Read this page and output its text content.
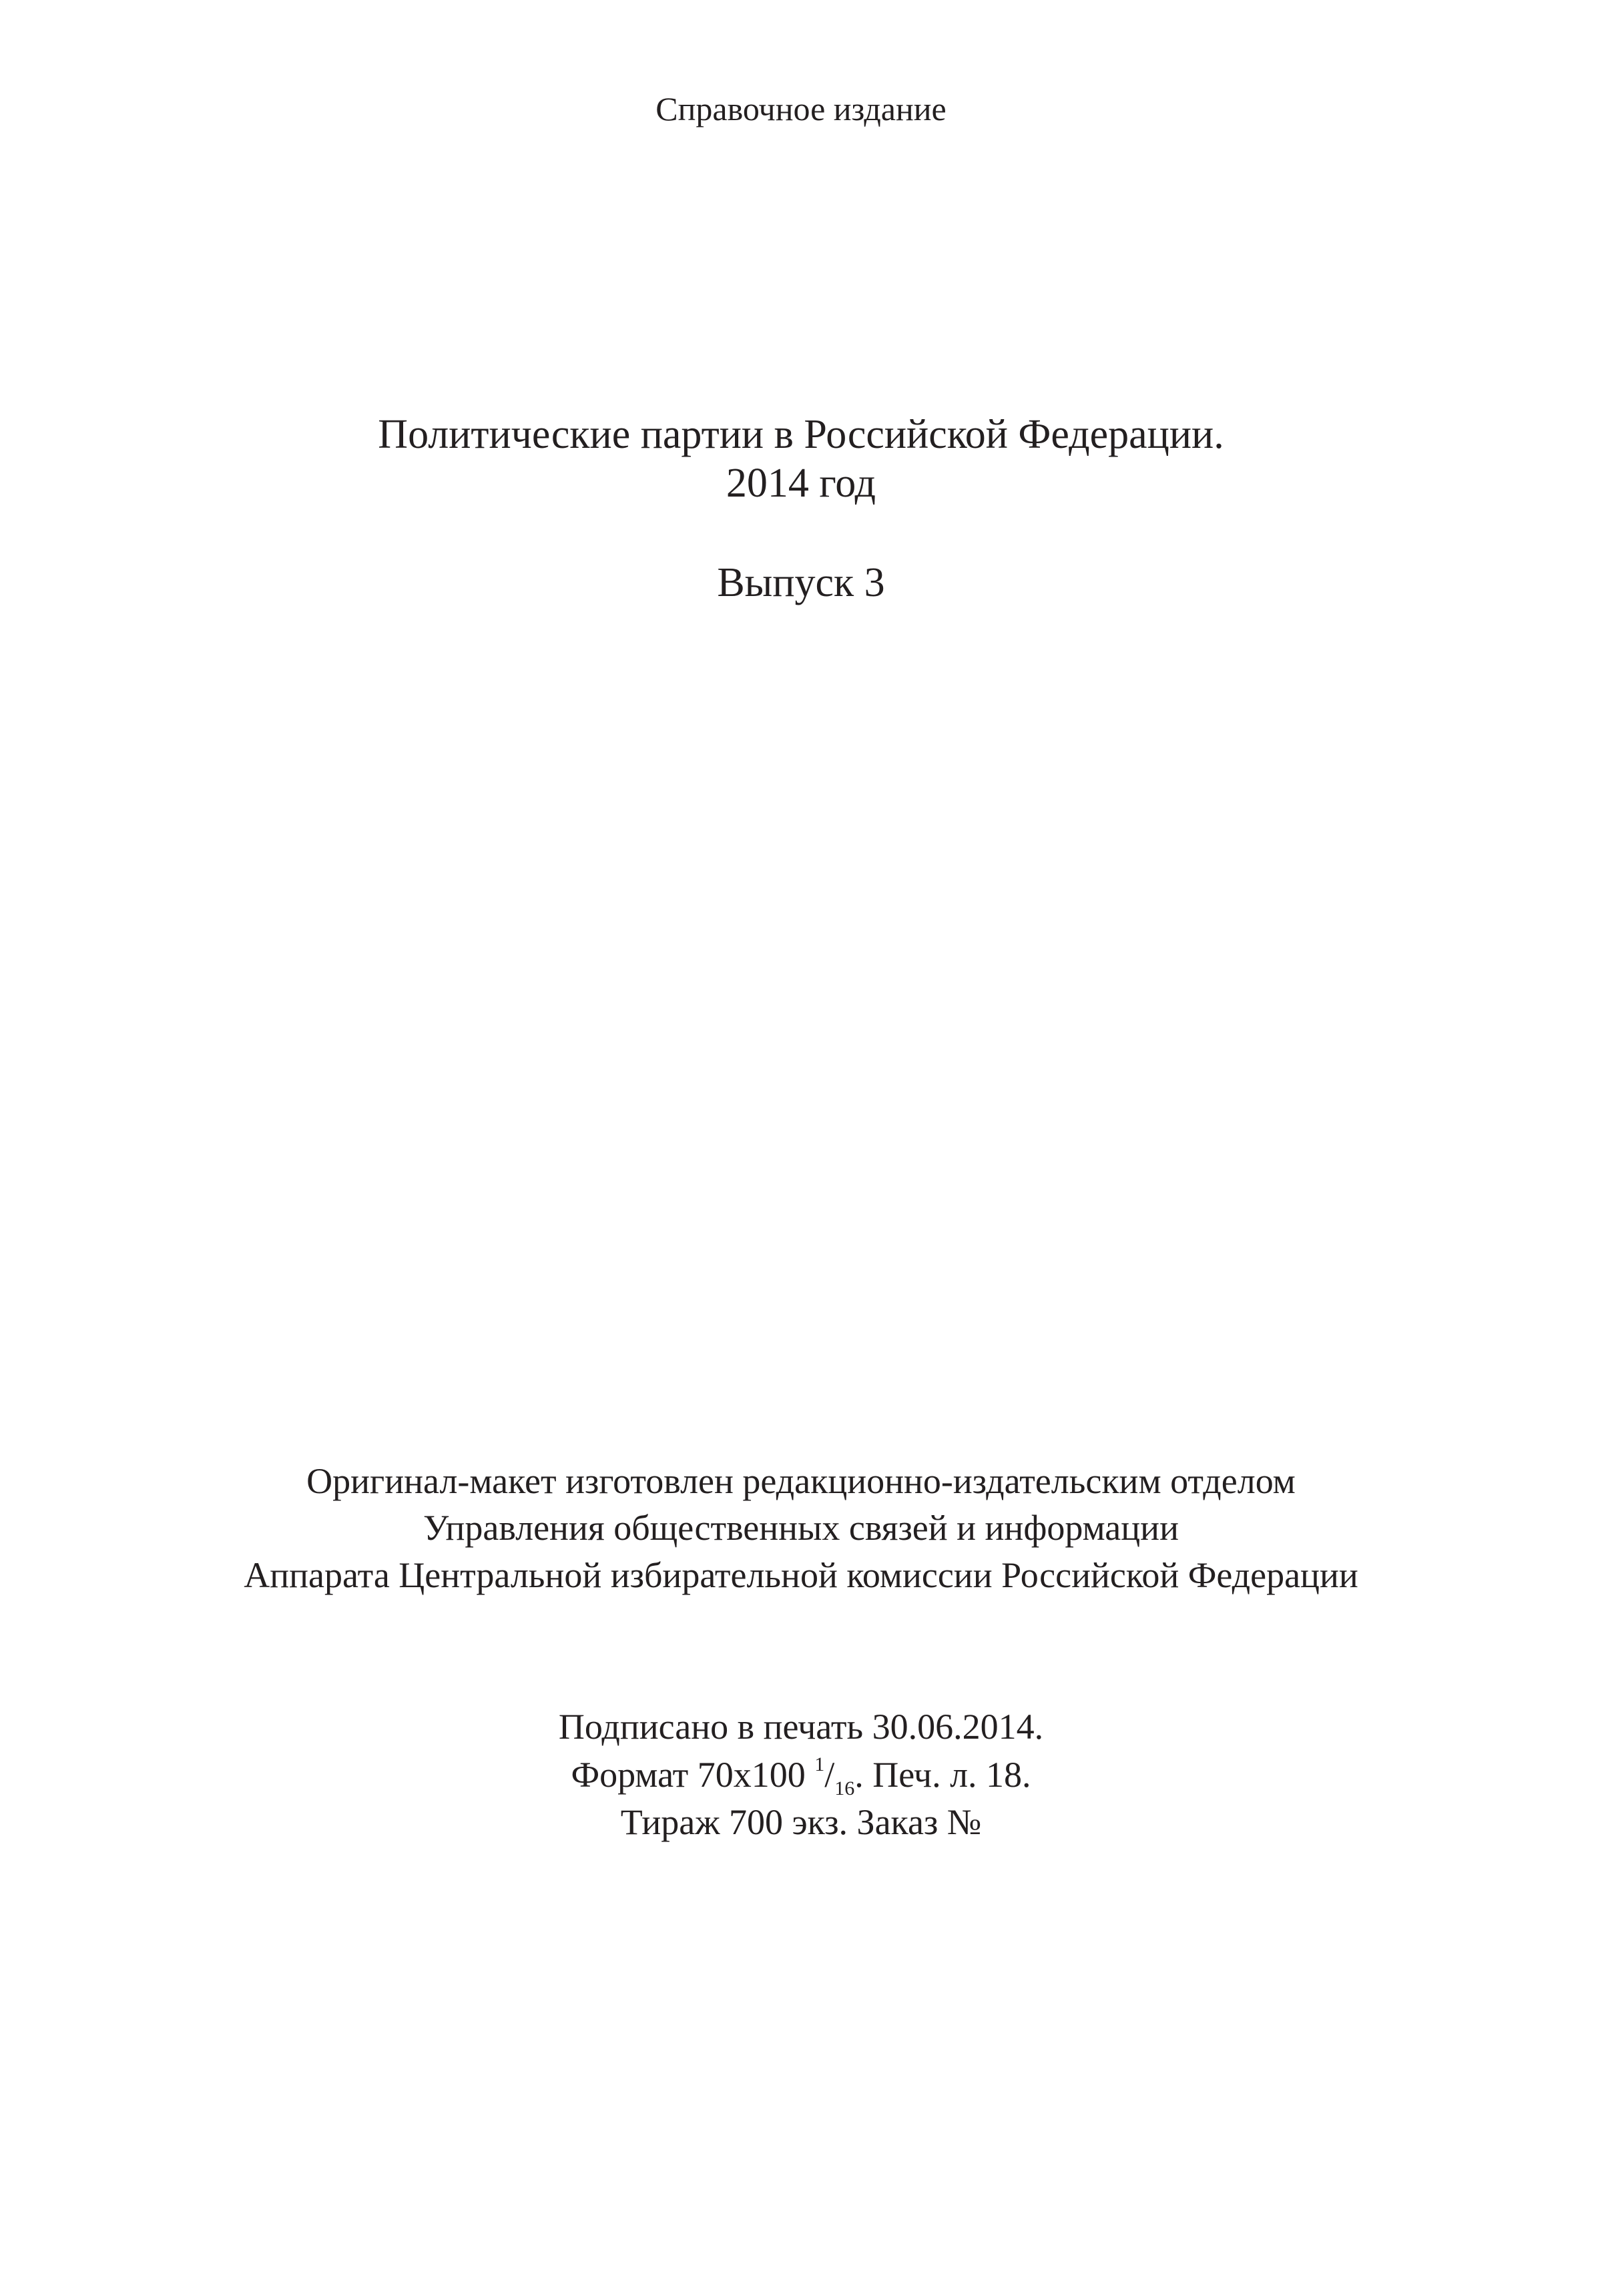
Справочное издание
Политические партии в Российской Федерации.
2014 год
Выпуск 3
Оригинал-макет изготовлен редакционно-издательским отделом
Управления общественных связей и информации
Аппарата Центральной избирательной комиссии Российской Федерации
Подписано в печать 30.06.2014.
Формат 70x100 $^1/_{16}$. Печ. л. 18.
Тираж 700 экз. Заказ №
